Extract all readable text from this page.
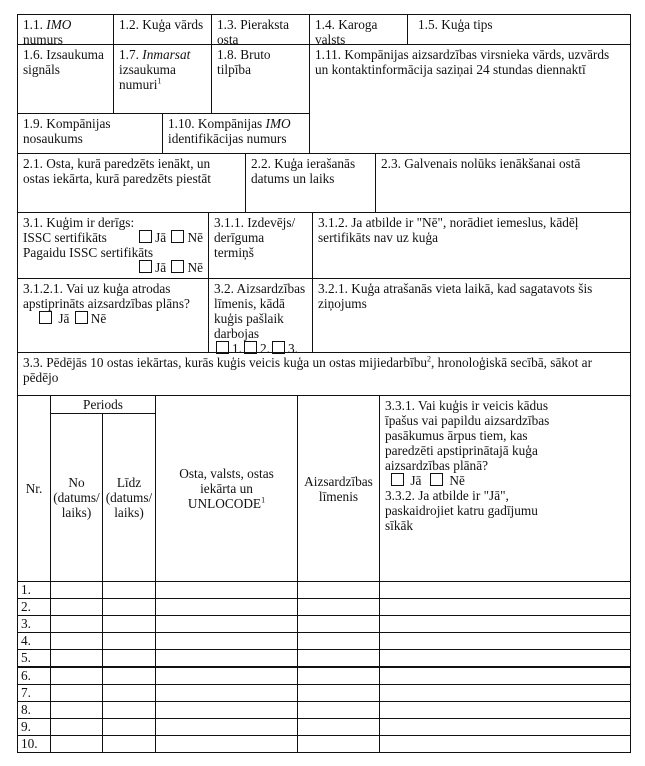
1.1. IMO numurs
1.2. Kuģa vārds	1.3. Pieraksta osta
1.4. Karoga valsts
1.5. Kuģa tips
1.6. Izsaukuma signāls
1.7. Inmarsat
izsaukuma numuri$^1$
1.8. Bruto tilpība
1.11. Kompānijas aizsardzības virsnieka vārds, uzvārds un kontaktinformācija saziņai 24 stundas diennaktī
1.9. Kompānijas nosaukums
1.10. Kompānijas IMO
identifikācijas numurs
2.1. Osta, kurā paredzēts ienākt, un ostas iekārta, kurā paredzēts piestāt
2.2. Kuģa ierašanās datums un laiks
2.3. Galvenais nolūks ienākšanai ostā
3.1. Kuģim ir derīgs:
ISSC sertifikāts	Jā Nē
Pagaidu ISSC sertifikāts
Jā Nē
3.1.1. Izdevējs/ derīguma termiņš
3.1.2. Ja atbilde ir "Nē", norādiet iemeslus, kādēļ sertifikāts nav uz kuģa
3.1.2.1. Vai uz kuģa atrodas apstiprināts aizsardzības plāns?
Jā Nē
3.2. Aizsardzības līmenis, kādā kuģis pašlaik darbojas
1. 2. 3.
3.2.1. Kuģa atrašanās vieta laikā, kad sagatavots šis ziņojums
3.3. Pēdējās 10 ostas iekārtas, kurās kuģis veicis kuģa un ostas mijiedarbību$^2$, hronoloģiskā secībā, sākot ar pēdējo
Nr.
Periods
No (datums/ laiks)
Līdz (datums/ laiks)
Osta, valsts, ostas iekārta un UNLOCODE$^1$
Aizsardzības līmenis
3.3.1. Vai kuģis ir veicis kādus īpašus vai papildu aizsardzības pasākumus ārpus tiem, kas paredzēti apstiprinātajā kuģa aizsardzības plānā?
Jā Nē
3.3.2. Ja atbilde ir "Jā", paskaidrojiet katru gadījumu sīkāk
1.
2.
3.
4.
5.
6.
7.
8.
9.
10.
